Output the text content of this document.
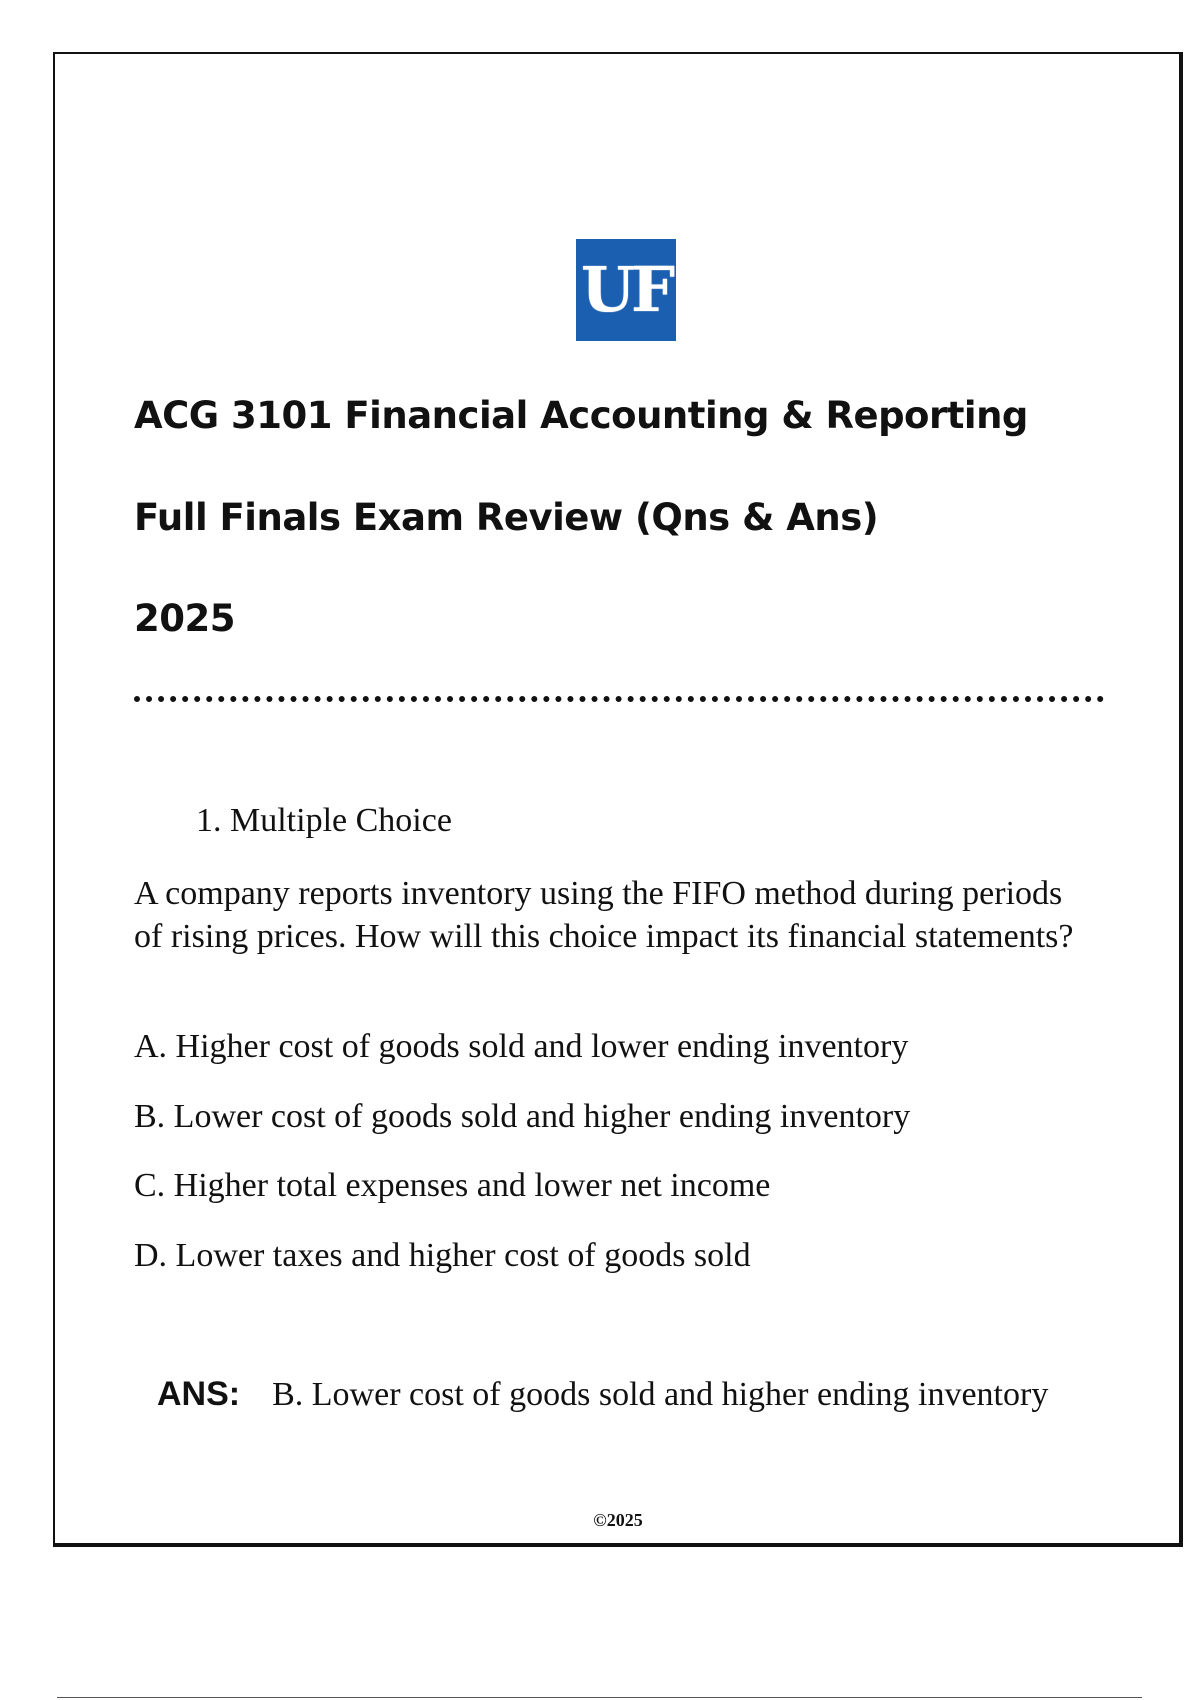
UF
ACG 3101 Financial Accounting & Reporting
Full Finals Exam Review (Qns & Ans)
2025
1. Multiple Choice
A company reports inventory using the FIFO method during periods of rising prices. How will this choice impact its financial statements?
A. Higher cost of goods sold and lower ending inventory
B. Lower cost of goods sold and higher ending inventory
C. Higher total expenses and lower net income
D. Lower taxes and higher cost of goods sold
ANS: B. Lower cost of goods sold and higher ending inventory
©2025
